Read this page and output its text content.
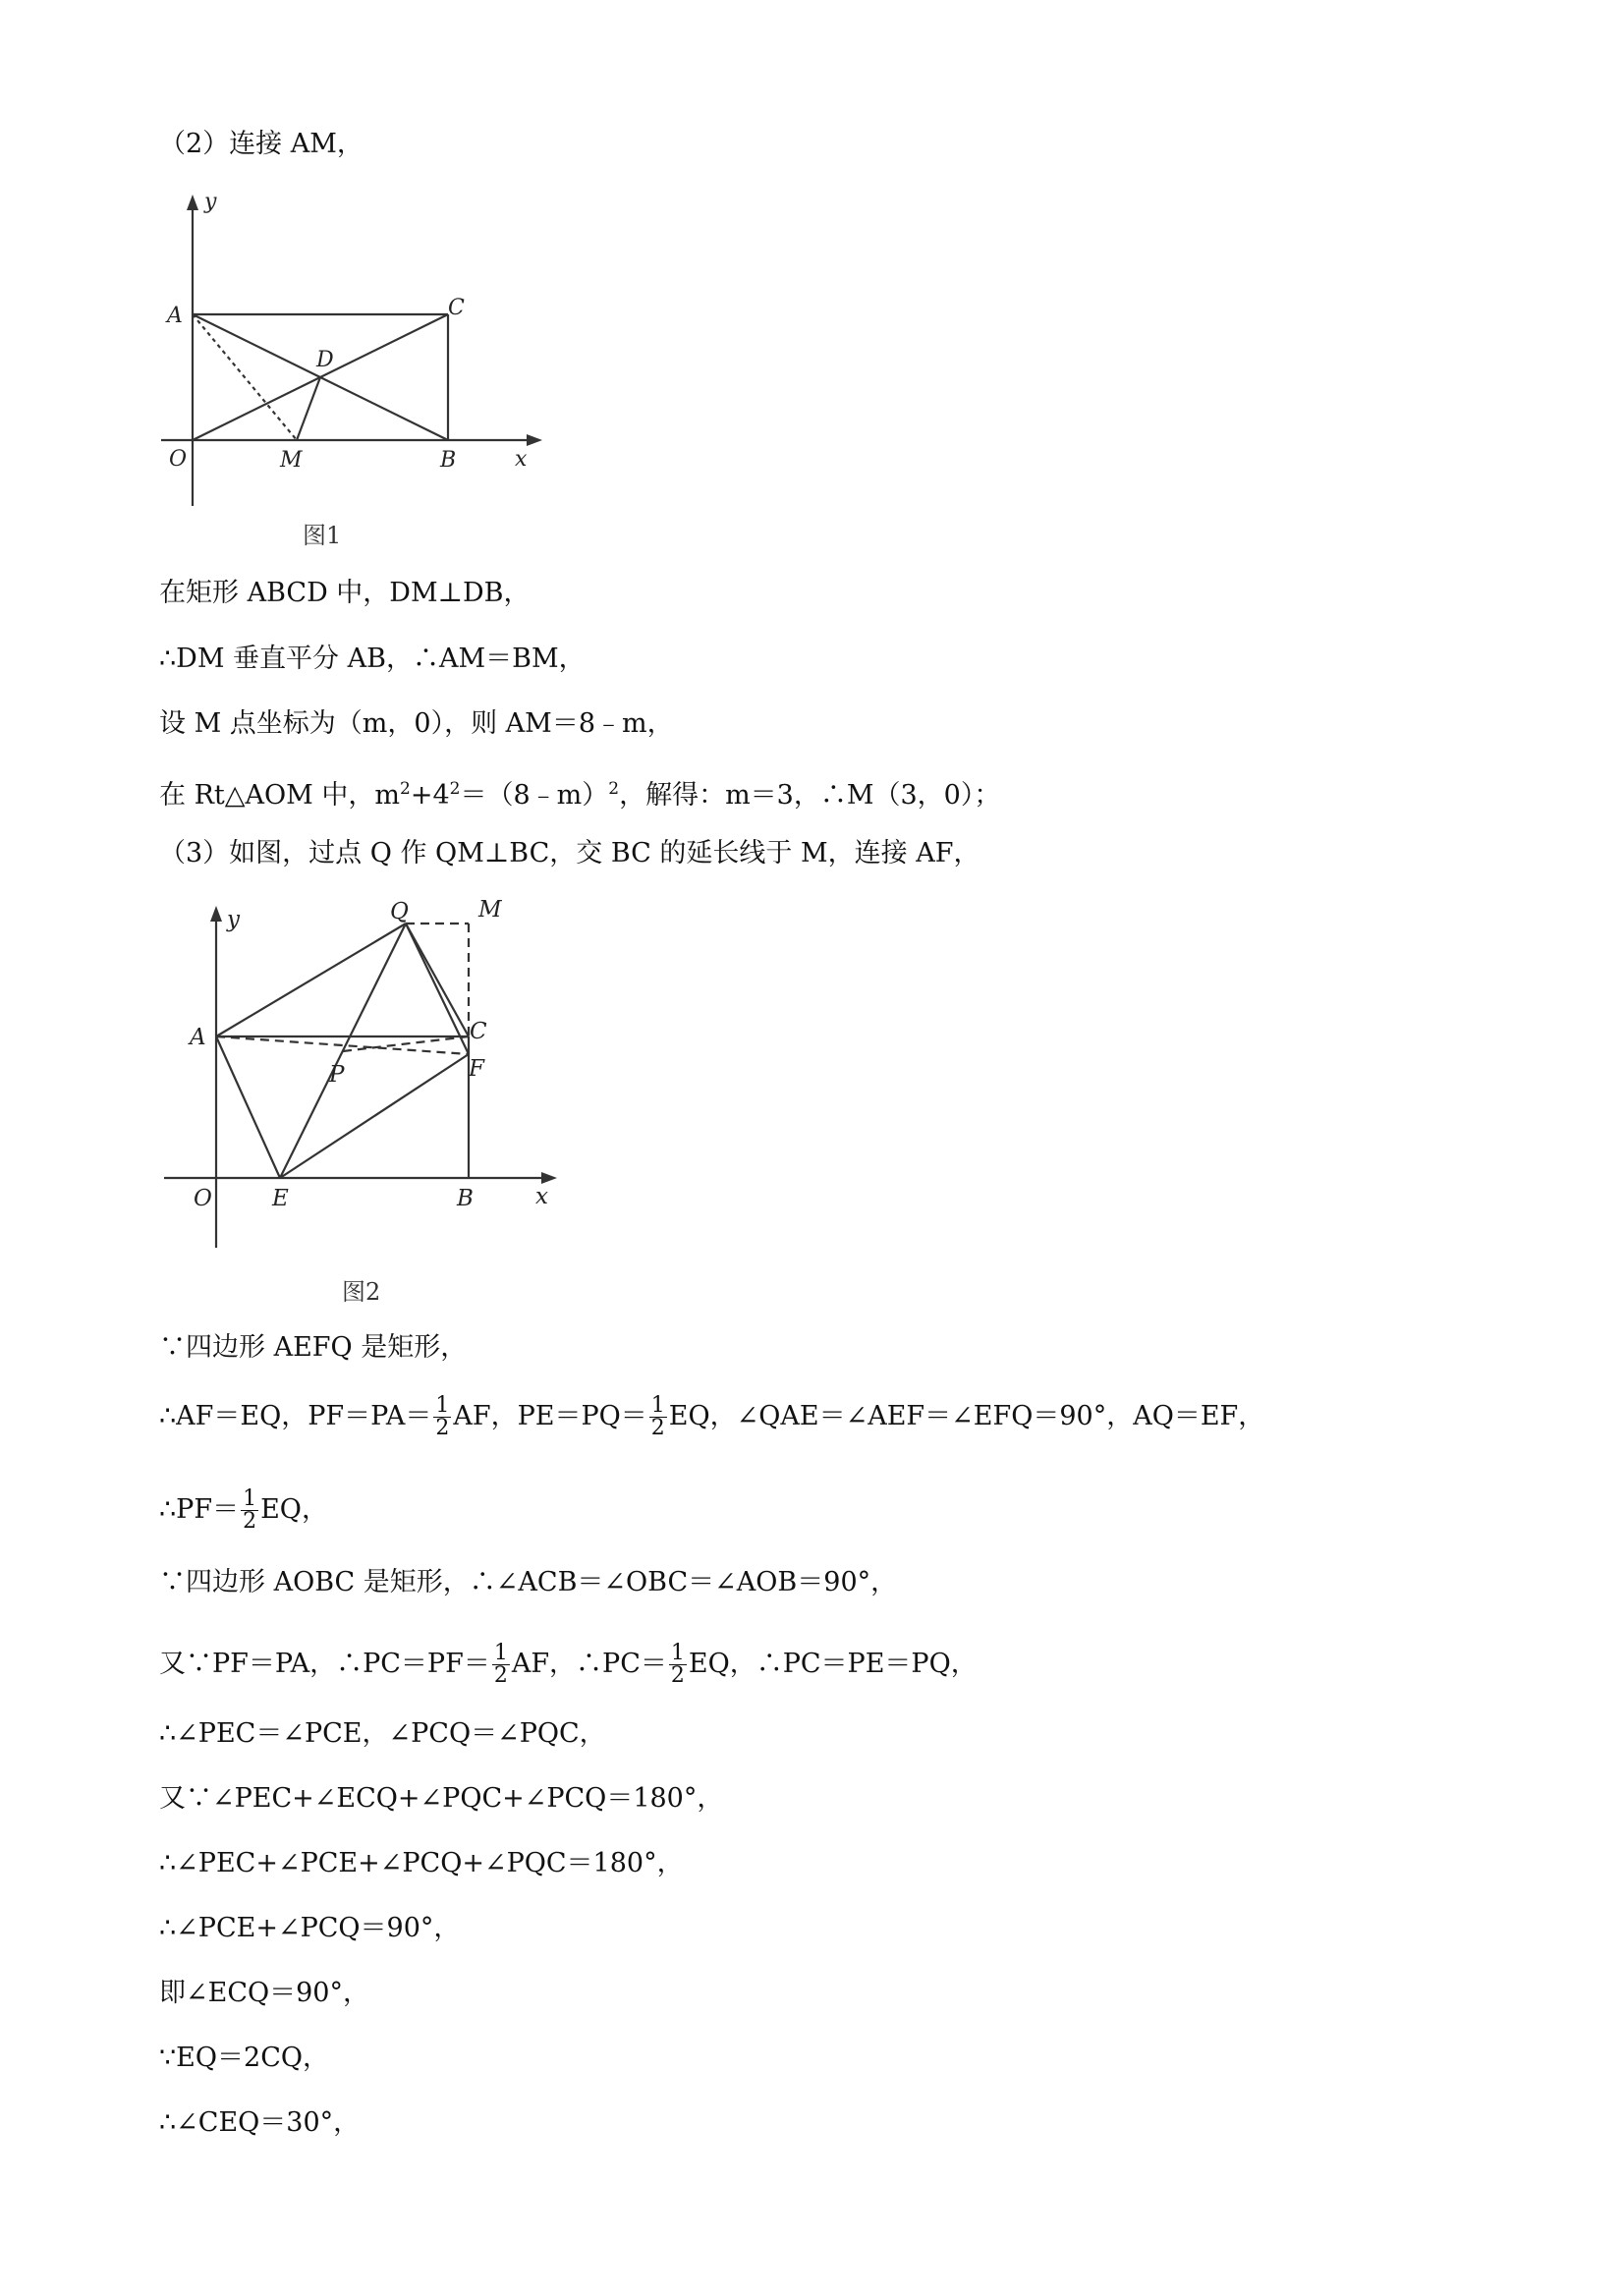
（2）连接 AM，
y
A	C
D
O	M	B	x
图1
在矩形 ABCD 中，DM⊥DB，
∴DM 垂直平分 AB，∴AM＝BM，
设 M 点坐标为（m，0），则 AM＝8﹣m，
在 Rt△AOM 中，$m^2+4^2=(8﹣m)^2$，解得：m＝3，∴M（3，0）；
（3）如图，过点 Q 作 QM⊥BC，交 BC 的延长线于 M，连接 AF，
y	Q	M
A	C
P	F
O	E	B	x
图2
∵四边形 AEFQ 是矩形，
∴AF＝EQ，$PF=PA= \frac{1}{2}$ AF，$PE=PQ= \frac{1}{2}$ EQ，∠QAE＝∠AEF＝∠EFQ＝90°，AQ＝EF，
∴PF＝ $\frac{1}{2}$ EQ，
∵四边形 AOBC 是矩形，∴∠ACB＝∠OBC＝∠AOB＝90°，
又∵PF＝PA，∴PC＝PF＝ $\frac{1}{2}$ AF，∴PC＝ $\frac{1}{2}$ EQ，∴PC＝PE＝PQ，
∴∠PEC＝∠PCE，∠PCQ＝∠PQC，
又∵∠PEC+∠ECQ+∠PQC+∠PCQ＝180°，
∴∠PEC+∠PCE+∠PCQ+∠PQC＝180°，
∴∠PCE+∠PCQ＝90°，
即∠ECQ＝90°，
∵EQ＝2CQ，
∴∠CEQ＝30°，
